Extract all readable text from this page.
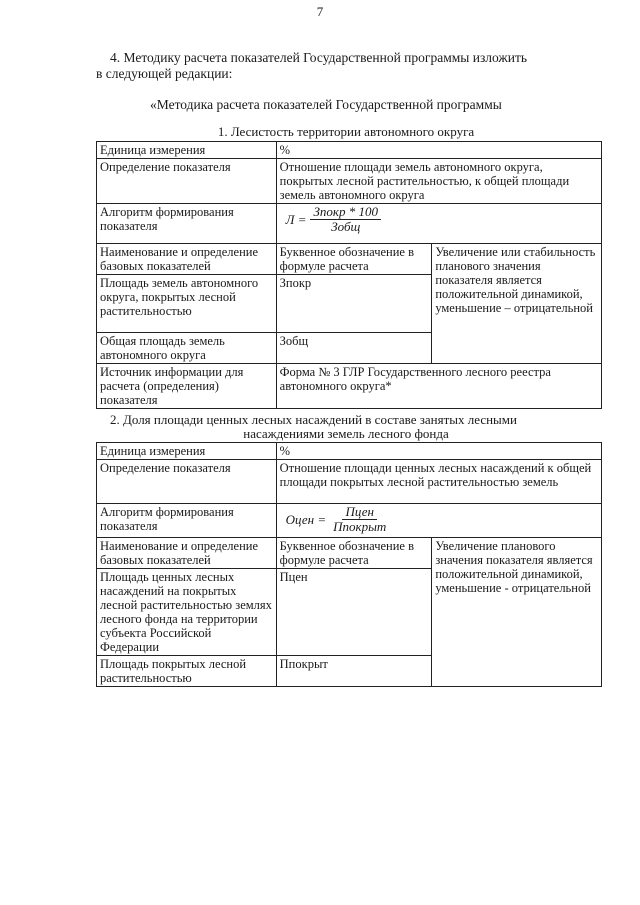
7
4. Методику расчета показателей Государственной программы изложить
в следующей редакции:
«Методика расчета показателей Государственной программы
1. Лесистость территории автономного округа
Единица измерения	%	
Определение показателя	Отношение площади земель автономного округа, покрытых лесной растительностью, к общей площади земель автономного округа	
Алгоритм формирования показателя	$Л = \frac{\text{Зпокр * 100}}{\text{Зобщ}}$

Наименование и определение базовых показателей	Буквенное обозначение в формуле расчета	Увеличение или стабильность планового значения показателя является положительной динамикой, уменьшение – отрицательной
Площадь земель автономного округа, покрытых лесной растительностью	Зпокр	
Общая площадь земель автономного округа	Зобщ	
Источник информации для расчета (определения) показателя	Форма № 3 ГЛР Государственного лесного реестра автономного округа*	
2. Доля площади ценных лесных насаждений в составе занятых лесными
насаждениями земель лесного фонда
Единица измерения	%	
Определение показателя	Отношение площади ценных лесных насаждений к общей площади покрытых лесной растительностью земель	
Алгоритм формирования показателя	Оцен = $\frac{\text{Пцен}}{\text{Ппокрыт}}$

Наименование и определение базовых показателей	Буквенное обозначение в формуле расчета	Увеличение планового значения показателя является положительной динамикой, уменьшение - отрицательной
Площадь ценных лесных насаждений на покрытых лесной растительностью землях лесного фонда на территории субъекта Российской Федерации	Пцен	
Площадь покрытых лесной растительностью	Ппокрыт	
